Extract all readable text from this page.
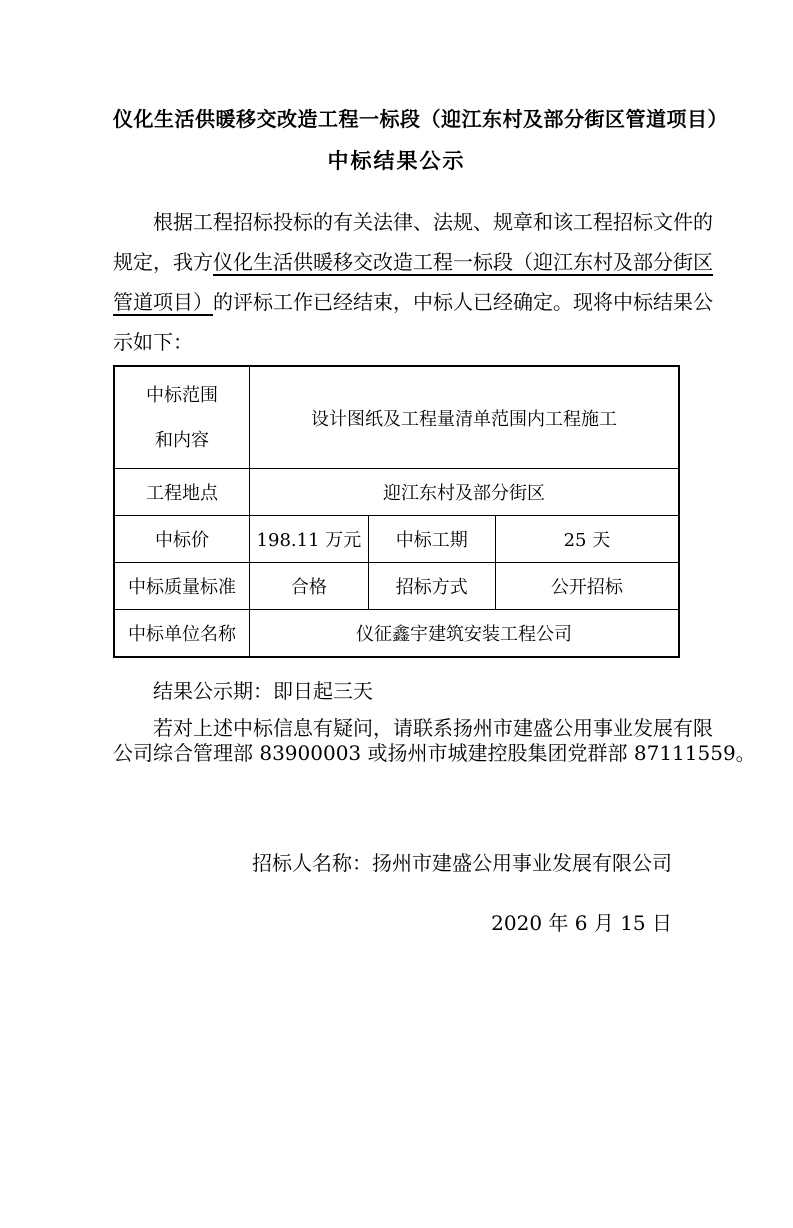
仪化生活供暖移交改造工程一标段（迎江东村及部分街区管道项目）
中标结果公示
根据工程招标投标的有关法律、法规、规章和该工程招标文件的
规定，我方仪化生活供暖移交改造工程一标段（迎江东村及部分街区
管道项目）的评标工作已经结束，中标人已经确定。现将中标结果公
示如下：
中标范围
和内容	设计图纸及工程量清单范围内工程施工		
工程地点	迎江东村及部分街区		
中标价	198.11 万元	中标工期	25 天
中标质量标准	合格	招标方式	公开招标
中标单位名称	仪征鑫宇建筑安装工程公司		
结果公示期：即日起三天
若对上述中标信息有疑问，请联系扬州市建盛公用事业发展有限
公司综合管理部 83900003 或扬州市城建控股集团党群部 87111559。
招标人名称：扬州市建盛公用事业发展有限公司
2020 年 6 月 15 日
